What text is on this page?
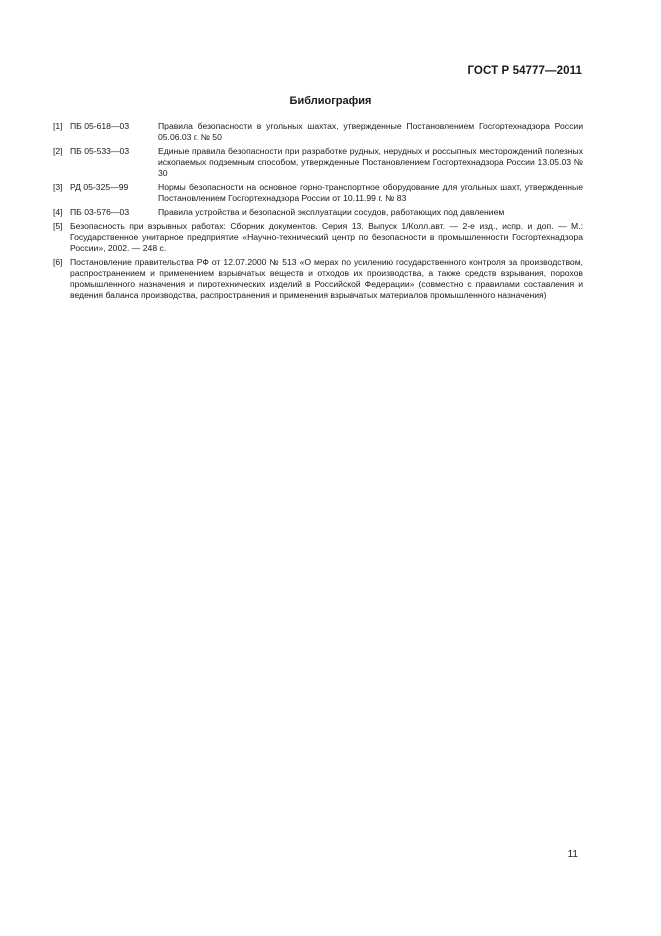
ГОСТ Р 54777—2011
Библиография
[1] ПБ 05-618—03	Правила безопасности в угольных шахтах, утвержденные Постановлением Госгортехнадзора России 05.06.03 г. № 50
[2] ПБ 05-533—03	Единые правила безопасности при разработке рудных, нерудных и россыпных месторождений полезных ископаемых подземным способом, утвержденные Постановлением Госгортехнадзора России 13.05.03 № 30
[3] РД 05-325—99	Нормы безопасности на основное горно-транспортное оборудование для угольных шахт, утвержденные Постановлением Госгортехнадзора России от 10.11.99 г. № 83
[4] ПБ 03-576—03	Правила устройства и безопасной эксплуатации сосудов, работающих под давлением
[5] Безопасность при взрывных работах: Сборник документов. Серия 13. Выпуск 1/Колл.авт. — 2-е изд., испр. и доп. — М.: Государственное унитарное предприятие «Научно-технический центр по безопасности в промышленности Госгортехнадзора России», 2002. — 248 с.
[6] Постановление правительства РФ от 12.07.2000 № 513 «О мерах по усилению государственного контроля за производством, распространением и применением взрывчатых веществ и отходов их производства, а также средств взрывания, порохов промышленного назначения и пиротехнических изделий в Российской Федерации» (совместно с правилами составления и ведения баланса производства, распространения и применения взрывчатых материалов промышленного назначения)
11
